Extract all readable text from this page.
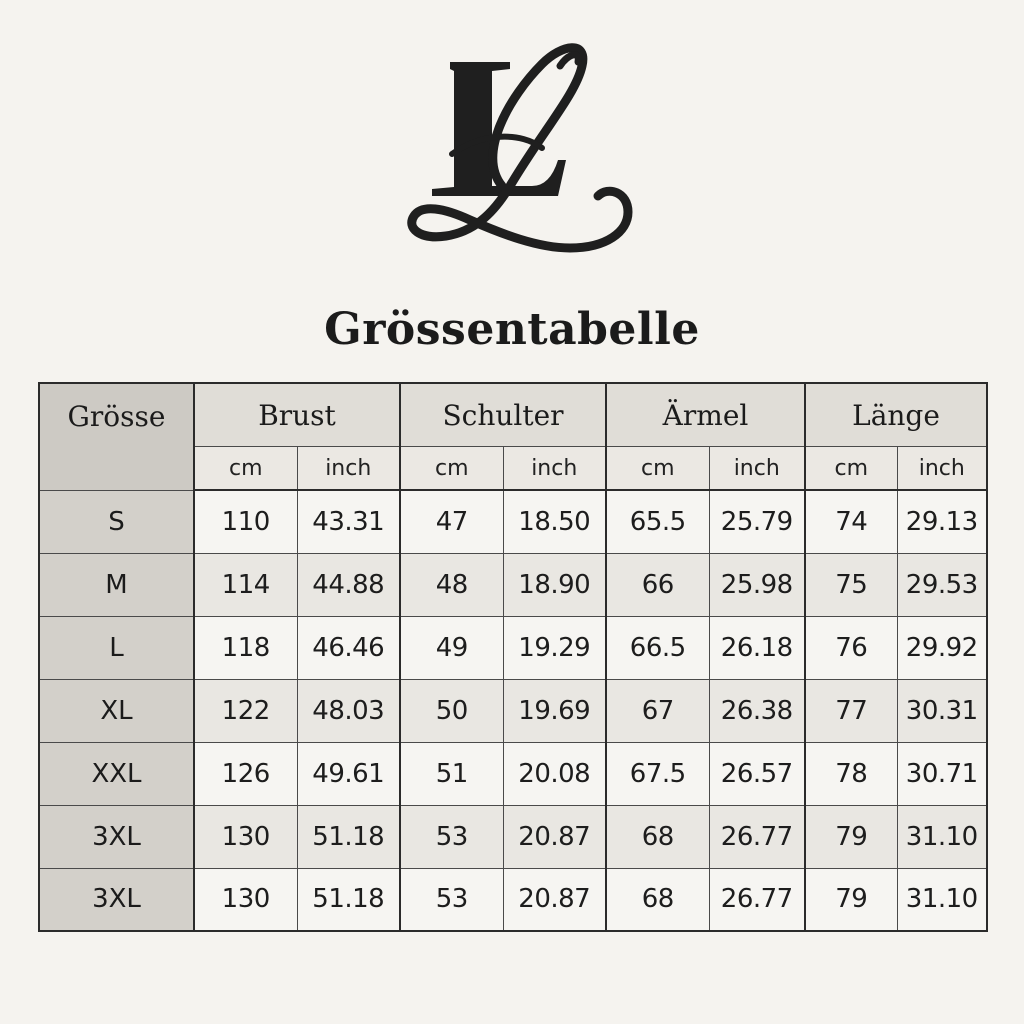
Grössentabelle
Grösse	Brust		Schulter		Ärmel		Länge	
	cm	inch	cm	inch	cm	inch	cm	inch
S	110	43.31	47	18.50	65.5	25.79	74	29.13
M	114	44.88	48	18.90	66	25.98	75	29.53
L	118	46.46	49	19.29	66.5	26.18	76	29.92
XL	122	48.03	50	19.69	67	26.38	77	30.31
XXL	126	49.61	51	20.08	67.5	26.57	78	30.71
3XL	130	51.18	53	20.87	68	26.77	79	31.10
3XL	130	51.18	53	20.87	68	26.77	79	31.10
